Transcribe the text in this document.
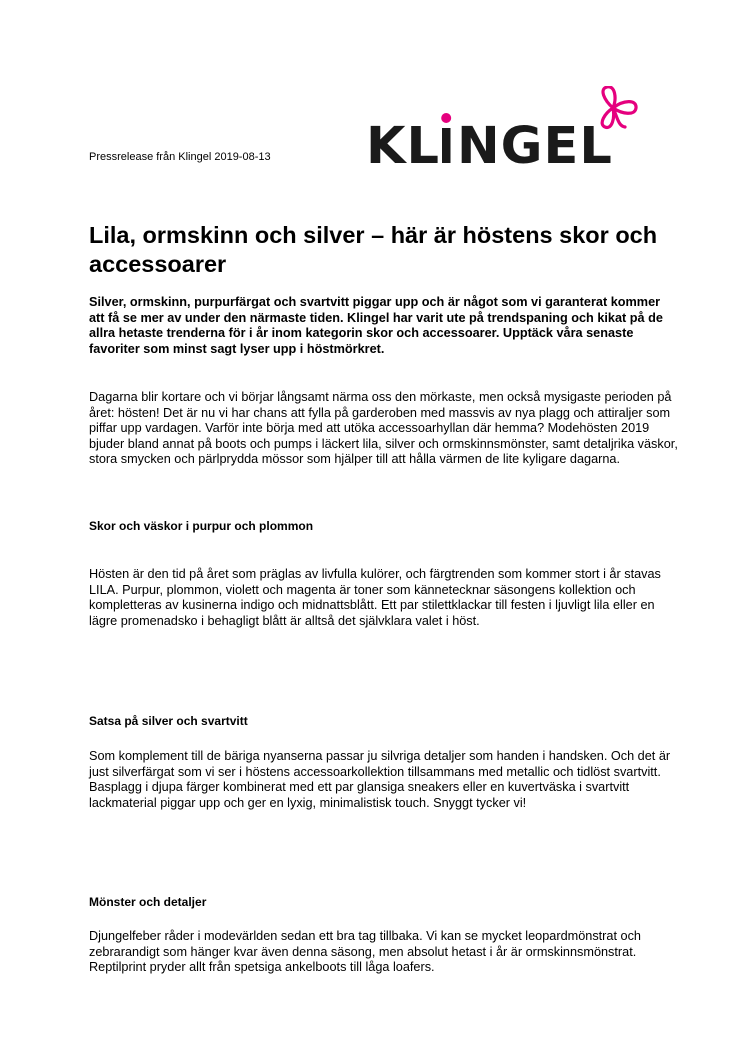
Pressrelease från Klingel 2019-08-13 KL NGEL
Lila, ormskinn och silver – här är höstens skor och accessoarer

Silver, ormskinn, purpurfärgat och svartvitt piggar upp och är något som vi garanterat kommer att få se mer av under den närmaste tiden. Klingel har varit ute på trendspaning och kikat på de allra hetaste trenderna för i år inom kategorin skor och accessoarer. Upptäck våra senaste favoriter som minst sagt lyser upp i höstmörkret.

Dagarna blir kortare och vi börjar långsamt närma oss den mörkaste, men också mysigaste perioden på året: hösten! Det är nu vi har chans att fylla på garderoben med massvis av nya plagg och attiraljer som piffar upp vardagen. Varför inte börja med att utöka accessoarhyllan där hemma? Modehösten 2019 bjuder bland annat på boots och pumps i läckert lila, silver och ormskinnsmönster, samt detaljrika väskor, stora smycken och pärlprydda mössor som hjälper till att hålla värmen de lite kyligare dagarna.

Skor och väskor i purpur och plommon

Hösten är den tid på året som präglas av livfulla kulörer, och färgtrenden som kommer stort i år stavas LILA. Purpur, plommon, violett och magenta är toner som kännetecknar säsongens kollektion och kompletteras av kusinerna indigo och midnattsblått. Ett par stilettklackar till festen i ljuvligt lila eller en lägre promenadsko i behagligt blått är alltså det självklara valet i höst.

Satsa på silver och svartvitt

Som komplement till de bäriga nyanserna passar ju silvriga detaljer som handen i handsken. Och det är just silverfärgat som vi ser i höstens accessoarkollektion tillsammans med metallic och tidlöst svartvitt. Basplagg i djupa färger kombinerat med ett par glansiga sneakers eller en kuvertväska i svartvitt lackmaterial piggar upp och ger en lyxig, minimalistisk touch. Snyggt tycker vi!

Mönster och detaljer

Djungelfeber råder i modevärlden sedan ett bra tag tillbaka. Vi kan se mycket leopardmönstrat och zebrarandigt som hänger kvar även denna säsong, men absolut hetast i år är ormskinnsmönstrat. Reptilprint pryder allt från spetsiga ankelboots till låga loafers.
